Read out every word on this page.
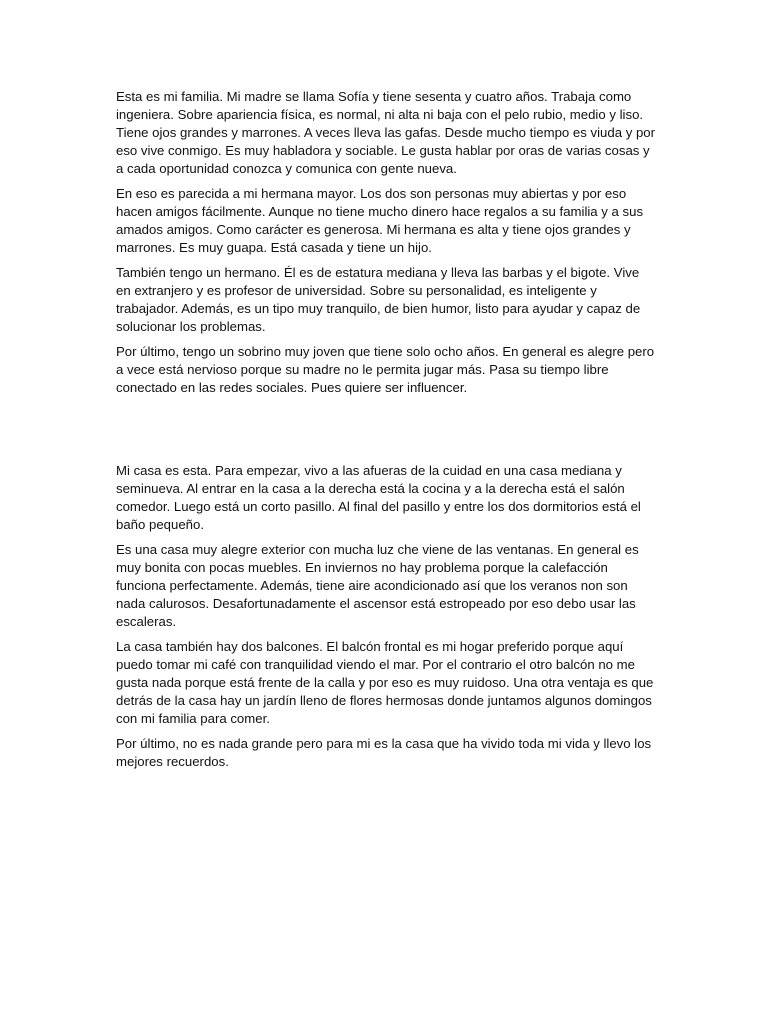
Esta es mi familia. Mi madre se llama Sofía y tiene sesenta y cuatro años. Trabaja como ingeniera. Sobre apariencia física, es normal, ni alta ni baja con el pelo rubio, medio y liso. Tiene ojos grandes y marrones. A veces lleva las gafas. Desde mucho tiempo es viuda y por eso vive conmigo. Es muy habladora y sociable. Le gusta hablar por oras de varias cosas y a cada oportunidad conozca y comunica con gente nueva.

En eso es parecida a mi hermana mayor. Los dos son personas muy abiertas y por eso hacen amigos fácilmente. Aunque no tiene mucho dinero hace regalos a su familia y a sus amados amigos. Como carácter es generosa. Mi hermana es alta y tiene ojos grandes y marrones. Es muy guapa. Está casada y tiene un hijo.

También tengo un hermano. Él es de estatura mediana y lleva las barbas y el bigote. Vive en extranjero y es profesor de universidad. Sobre su personalidad, es inteligente y trabajador. Además, es un tipo muy tranquilo, de bien humor, listo para ayudar y capaz de solucionar los problemas.

Por último, tengo un sobrino muy joven que tiene solo ocho años. En general es alegre pero a vece está nervioso porque su madre no le permita jugar más. Pasa su tiempo libre conectado en las redes sociales. Pues quiere ser influencer.

Mi casa es esta. Para empezar, vivo a las afueras de la cuidad en una casa mediana y seminueva. Al entrar en la casa a la derecha está la cocina y a la derecha está el salón comedor. Luego está un corto pasillo. Al final del pasillo y entre los dos dormitorios está el baño pequeño.

Es una casa muy alegre exterior con mucha luz che viene de las ventanas. En general es muy bonita con pocas muebles. En inviernos no hay problema porque la calefacción funciona perfectamente. Además, tiene aire acondicionado así que los veranos non son nada calurosos. Desafortunadamente el ascensor está estropeado por eso debo usar las escaleras.

La casa también hay dos balcones. El balcón frontal es mi hogar preferido porque aquí puedo tomar mi café con tranquilidad viendo el mar. Por el contrario el otro balcón no me gusta nada porque está frente de la calla y por eso es muy ruidoso. Una otra ventaja es que detrás de la casa hay un jardín lleno de flores hermosas donde juntamos algunos domingos con mi familia para comer.

Por último, no es nada grande pero para mi es la casa que ha vivido toda mi vida y llevo los mejores recuerdos.
